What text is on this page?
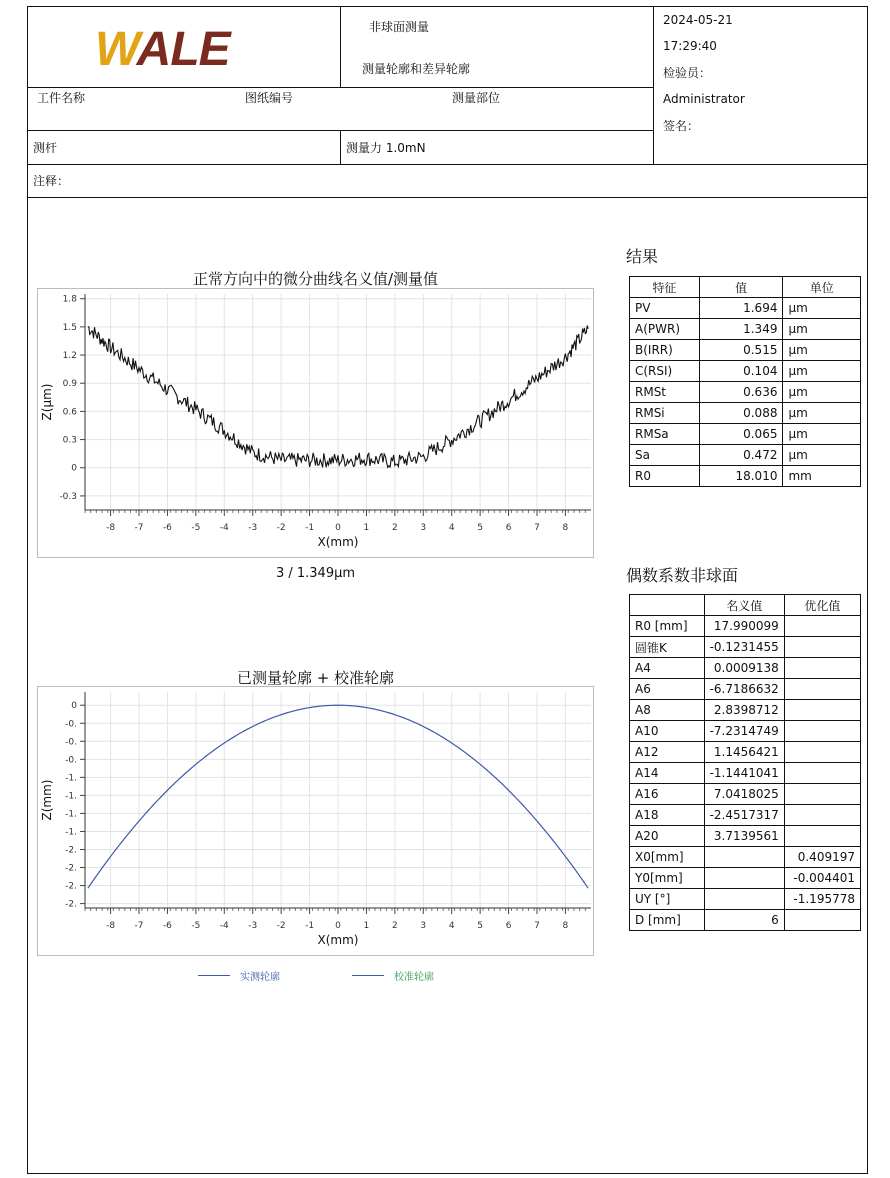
WALE	非球面测量
测量轮廓和差异轮廓
2024-05-21
17:29:40
检验员：
Administrator
签名：
工件名称	图纸编号	测量部位
测杆	测量力 1.0mN
注释：
正常方向中的微分曲线名义值/测量值
-8 -7 -6 -5 -4 -3 -2 -1 0	1	2	3	4	5	6	7	8
1.8
1.5
1.2
0.9
0.6
0.3
0
-0.3
X(mm)
Z(µm)
3 / 1.349µm
已测量轮廓 + 校准轮廓
-8 -7 -6 -5 -4 -3 -2 -1 0	1	2	3	4	5	6	7	8
0
-0.
-0.
-0.
-1.
-1.
-1.
-1.
-2.
-2.
-2.
-2.
X(mm)
Z(mm)
实测轮廓	校准轮廓
结果
特征	值	单位
PV	1.694	µm
A(PWR)	1.349	µm
B(IRR)	0.515	µm
C(RSI)	0.104	µm
RMSt	0.636	µm
RMSi	0.088	µm
RMSa	0.065	µm
Sa	0.472	µm
R0	18.010	mm
偶数系数非球面
	名义值	优化值
R0 [mm]	17.990099	
圆锥K	-0.1231455	
A4	0.0009138	
A6	-6.7186632	
A8	2.8398712	
A10	-7.2314749	
A12	1.1456421	
A14	-1.1441041	
A16	7.0418025	
A18	-2.4517317	
A20	3.7139561	
X0[mm]		0.409197
Y0[mm]		-0.004401
UY [°]		-1.195778
D [mm]	6	
